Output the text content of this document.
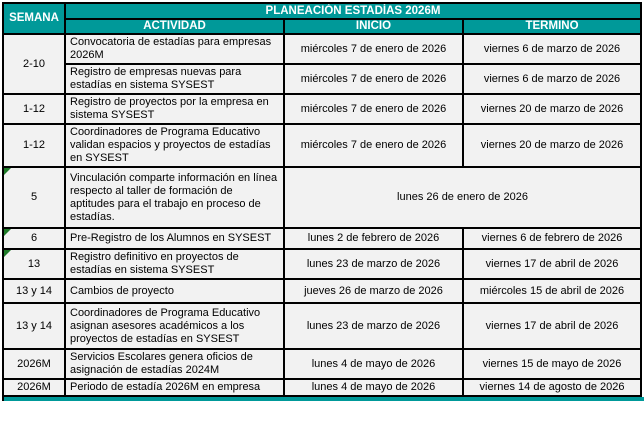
SEMANA	PLANEACIÓN ESTADÍAS 2026M		
	ACTIVIDAD	INICIO	TÉRMINO
2-10	Convocatoria de estadías para empresas 2026M	miércoles 7 de enero de 2026	viernes 6 de marzo de 2026
	Registro de empresas nuevas para estadías en sistema SYSEST	miércoles 7 de enero de 2026	viernes 6 de marzo de 2026
1-12	Registro de proyectos por la empresa en sistema SYSEST	miércoles 7 de enero de 2026	viernes 20 de marzo de 2026
1-12	Coordinadores de Programa Educativo validan espacios y proyectos de estadías en SYSEST	miércoles 7 de enero de 2026	viernes 20 de marzo de 2026

5	Vinculación comparte información en línea respecto al taller de formación de aptitudes para el trabajo en proceso de estadías.	lunes 26 de enero de 2026	

6	Pre-Registro de los Alumnos en SYSEST	lunes 2 de febrero de 2026	viernes 6 de febrero de 2026

13	Registro definitivo en proyectos de estadías en sistema SYSEST	lunes 23 de marzo de 2026	viernes 17 de abril de 2026
13 y 14	Cambios de proyecto	jueves 26 de marzo de 2026	miércoles 15 de abril de 2026
13 y 14	Coordinadores de Programa Educativo asignan asesores académicos a los proyectos de estadías en SYSEST	lunes 23 de marzo de 2026	viernes 17 de abril de 2026
2026M	Servicios Escolares genera oficios de asignación de estadías 2024M	lunes 4 de mayo de 2026	viernes 15 de mayo de 2026
2026M	Periodo de estadía 2026M en empresa	lunes 4 de mayo de 2026	viernes 14 de agosto de 2026
